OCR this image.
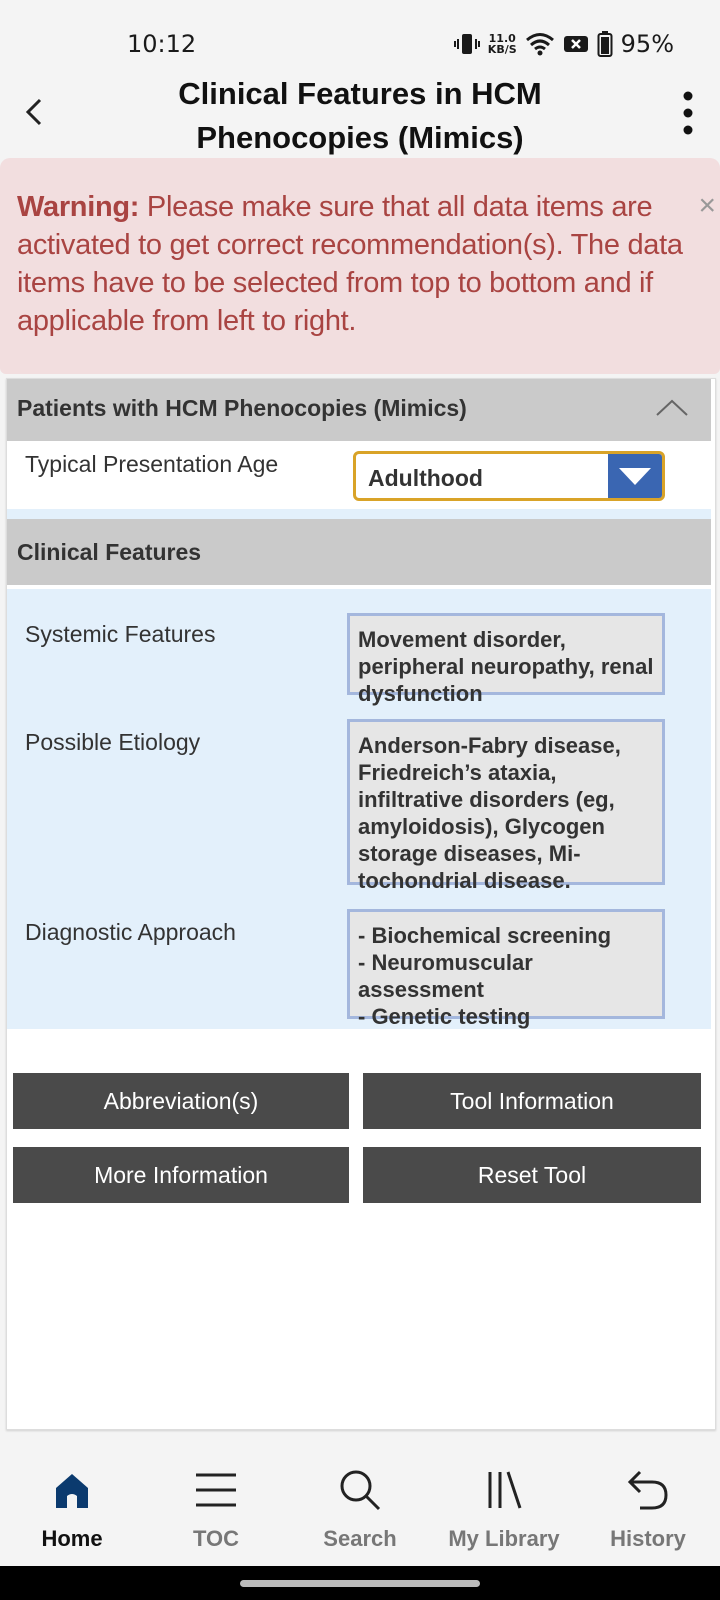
10:12	11.0
KB/S	95%
Clinical Features in HCM Phenocopies (Mimics)
Warning: Please make sure that all data items are activated to get correct recommendation(s). The data items have to be selected from top to bottom and if applicable from left to right.
×
Patients with HCM Phenocopies (Mimics)
Typical Presentation Age
Adulthood
Clinical Features
Systemic Features	Movement disorder, peripheral neuropathy, renal dysfunction
Possible Etiology	Anderson-Fabry disease, Friedreich’s ataxia, infiltrative disorders (eg, amyloidosis), Glycogen storage diseases, Mi-tochondrial disease.
Diagnostic Approach	- Biochemical screening
- Neuromuscular assessment
- Genetic testing
Abbreviation(s)	Tool Information
More Information	Reset Tool
Home	TOC	Search	My Library	History
